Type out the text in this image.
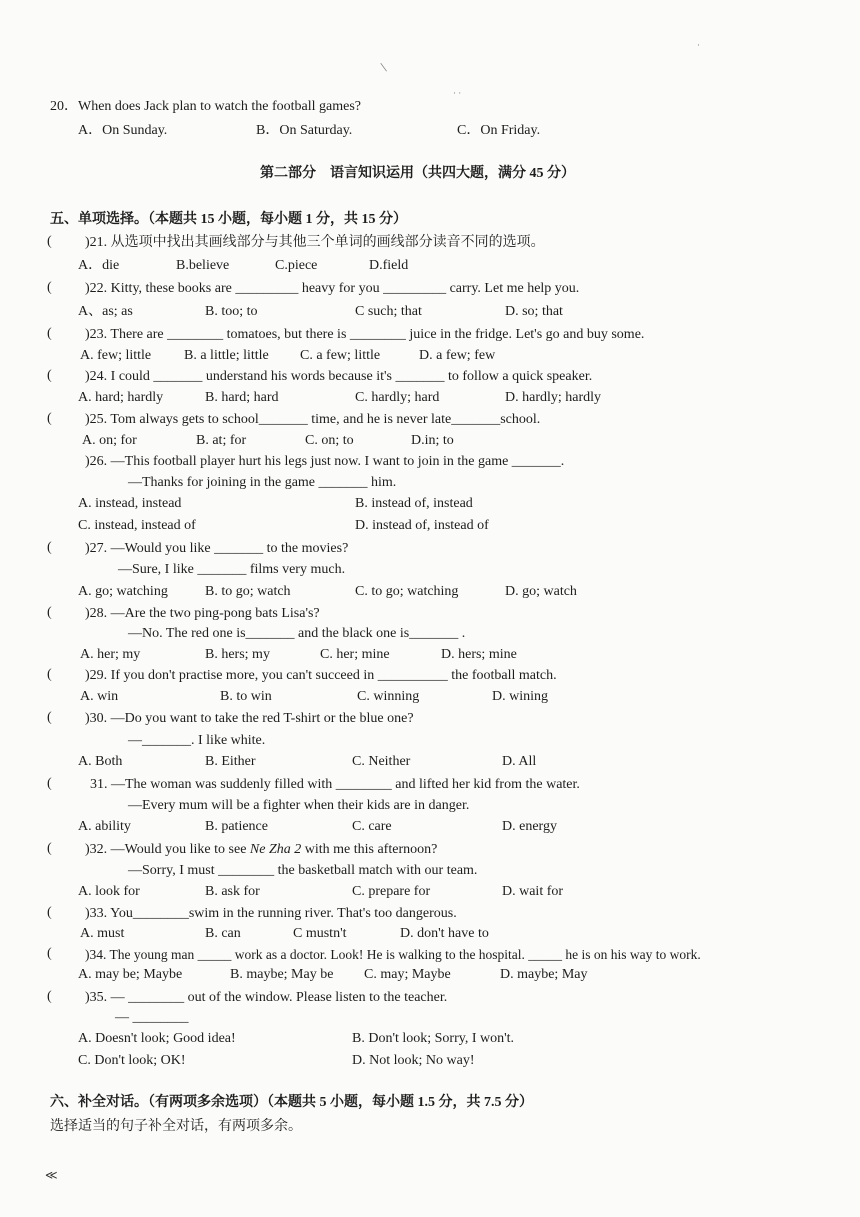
/
· ·
·
≪
20．When does Jack plan to watch the football games?
A．On Sunday.	B．On Saturday.	C．On Friday.
第二部分　语言知识运用（共四大题，满分 45 分）
五、单项选择。（本题共 15 小题，每小题 1 分，共 15 分）
( )21. 从选项中找出其画线部分与其他三个单词的画线部分读音不同的选项。
A．die	B.believe	C.piece	D.field
( )22. Kitty, these books are _________ heavy for you _________ carry. Let me help you.
A、as; as	B. too; to	C such; that	D. so; that
( )23. There are ________ tomatoes, but there is ________ juice in the fridge. Let's go and buy some.
A. few; little B. a little; little C. a few; little	D. a few; few
( )24. I could _______ understand his words because it's _______ to follow a quick speaker.
A. hard; hardly	B. hard; hard	C. hardly; hard	D. hardly; hardly
( )25. Tom always gets to school_______ time, and he is never late_______school.
A. on; for	B. at; for	C. on; to	D.in; to
)26. —This football player hurt his legs just now. I want to join in the game _______.
—Thanks for joining in the game _______ him.
A. instead, instead	B. instead of, instead
C. instead, instead of	D. instead of, instead of
( )27. —Would you like _______ to the movies?
—Sure, I like _______ films very much.
A. go; watching	B. to go; watch	C. to go; watching	D. go; watch
( )28. —Are the two ping-pong bats Lisa's?
—No. The red one is_______ and the black one is_______ .
A. her; my	B. hers; my	C. her; mine	D. hers; mine
( )29. If you don't practise more, you can't succeed in __________ the football match.
A. win	B. to win	C. winning	D. wining
( )30. —Do you want to take the red T-shirt or the blue one?
—_______. I like white.
A. Both	B. Either	C. Neither	D. All
(	31. —The woman was suddenly filled with ________ and lifted her kid from the water.
—Every mum will be a fighter when their kids are in danger.
A. ability	B. patience	C. care	D. energy
( )32. —Would you like to see Ne Zha 2 with me this afternoon?
—Sorry, I must ________ the basketball match with our team.
A. look for	B. ask for	C. prepare for	D. wait for
( )33. You________swim in the running river. That's too dangerous.
A. must	B. can	C mustn't	D. don't have to
( )34. The young man _____ work as a doctor. Look! He is walking to the hospital. _____ he is on his way to work.
A. may be; Maybe	B. maybe; May be C. may; Maybe	D. maybe; May
( )35. — ________ out of the window. Please listen to the teacher.
— ________
A. Doesn't look; Good idea!	B. Don't look; Sorry, I won't.
C. Don't look; OK!	D. Not look; No way!
六、补全对话。（有两项多余选项）（本题共 5 小题，每小题 1.5 分，共 7.5 分）
选择适当的句子补全对话，有两项多余。
